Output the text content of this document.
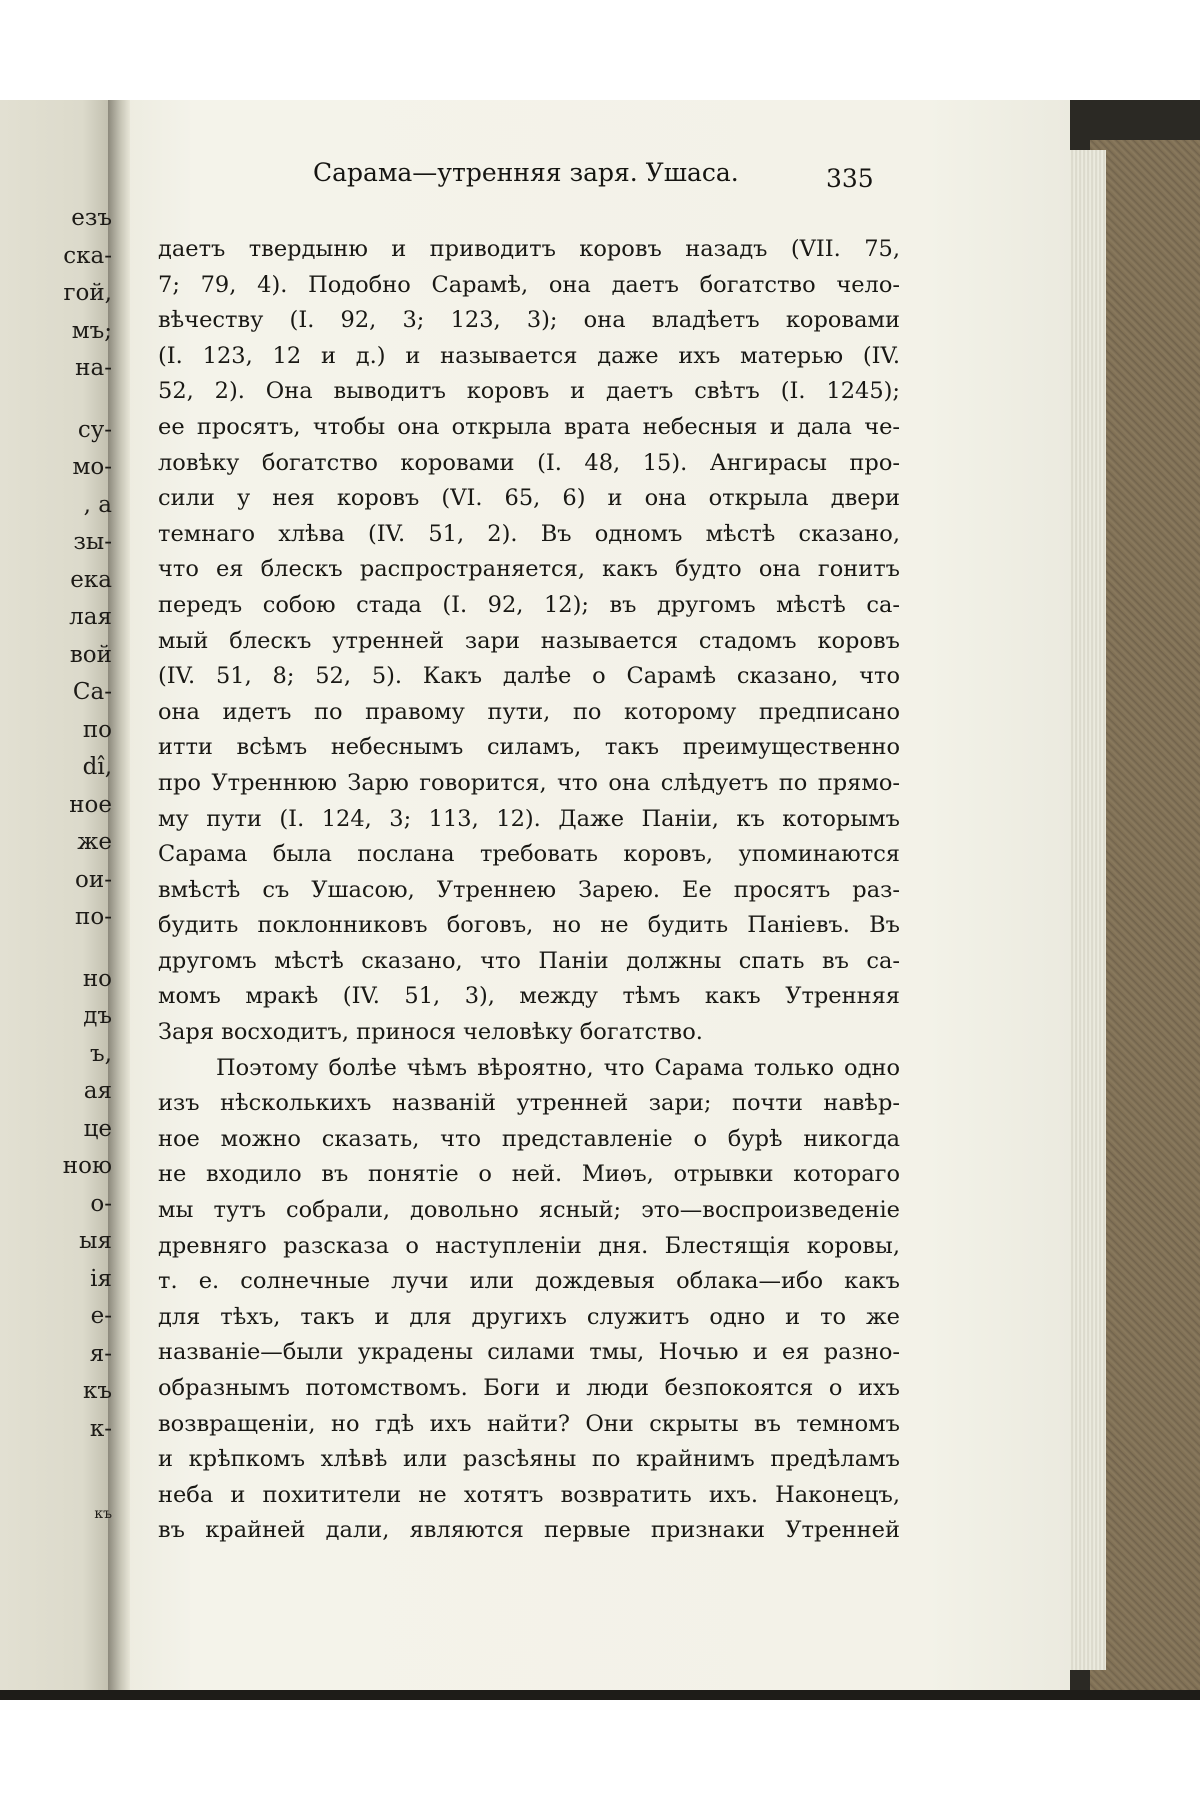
езъ
ска-
гой,
мъ;
на-
су-
мо-
, а
зы-
ека
лая
вой
Са-
по
dî,
ное
же
ои-
по-
но
дъ
ъ,
ая
це
ною
о-
ыя
ія
е-
я-
къ
к-
къ
Сарама—утренняя заря. Ушаса.	335
даетъ твердыню и приводитъ коровъ назадъ (VII. 75,
7; 79, 4). Подобно Сарамѣ, она даетъ богатство чело-
вѣчеству (I. 92, 3; 123, 3); она владѣетъ коровами
(I. 123, 12 и д.) и называется даже ихъ матерью (IV.
52, 2). Она выводитъ коровъ и даетъ свѣтъ (I. 1245);
ее просятъ, чтобы она открыла врата небесныя и дала че-
ловѣку богатство коровами (I. 48, 15). Ангирасы про-
сили у нея коровъ (VI. 65, 6) и она открыла двери
темнаго хлѣва (IV. 51, 2). Въ одномъ мѣстѣ сказано,
что ея блескъ распространяется, какъ будто она гонитъ
передъ собою стада (I. 92, 12); въ другомъ мѣстѣ са-
мый блескъ утренней зари называется стадомъ коровъ
(IV. 51, 8; 52, 5). Какъ далѣе о Сарамѣ сказано, что
она идетъ по правому пути, по которому предписано
итти всѣмъ небеснымъ силамъ, такъ преимущественно
про Утреннюю Зарю говорится, что она слѣдуетъ по прямо-
му пути (I. 124, 3; 113, 12). Даже Паніи, къ которымъ
Сарама была послана требовать коровъ, упоминаются
вмѣстѣ съ Ушасою, Утреннею Зарею. Ее просятъ раз-
будить поклонниковъ боговъ, но не будить Паніевъ. Въ
другомъ мѣстѣ сказано, что Паніи должны спать въ са-
момъ мракѣ (IV. 51, 3), между тѣмъ какъ Утренняя
Заря восходитъ, принося человѣку богатство.
Поэтому болѣе чѣмъ вѣроятно, что Сарама только одно
изъ нѣсколькихъ названій утренней зари; почти навѣр-
ное можно сказать, что представленіе о бурѣ никогда
не входило въ понятіе о ней. Миѳъ, отрывки котораго
мы тутъ собрали, довольно ясный; это—воспроизведеніе
древняго разсказа о наступленіи дня. Блестящія коровы,
т. е. солнечные лучи или дождевыя облака—ибо какъ
для тѣхъ, такъ и для другихъ служитъ одно и то же
названіе—были украдены силами тмы, Ночью и ея разно-
образнымъ потомствомъ. Боги и люди безпокоятся о ихъ
возвращеніи, но гдѣ ихъ найти? Они скрыты въ темномъ
и крѣпкомъ хлѣвѣ или разсѣяны по крайнимъ предѣламъ
неба и похитители не хотятъ возвратить ихъ. Наконецъ,
въ крайней дали, являются первые признаки Утренней
